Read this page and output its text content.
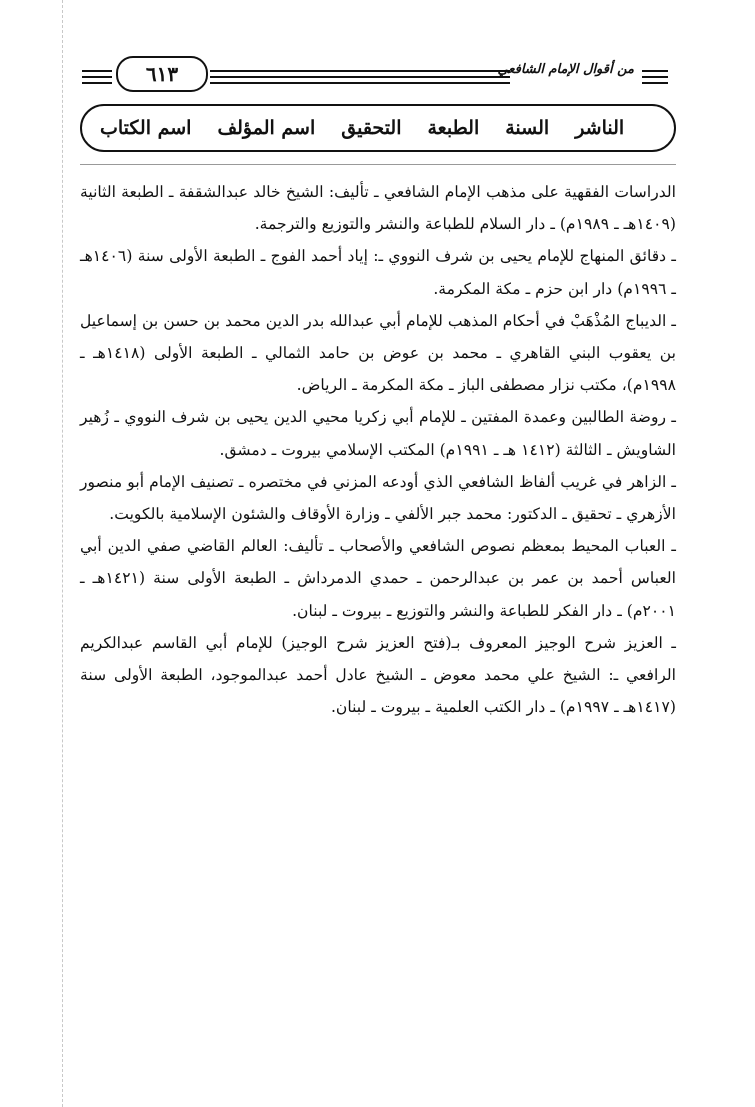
٦١٣	من أقوال الإمام الشافعي
اسم الكتاب اسم المؤلف التحقيق الطبعة السنة الناشر

الدراسات الفقهية على مذهب الإمام الشافعي ـ تأليف: الشيخ خالد عبدالشقفة ـ الطبعة الثانية (١٤٠٩هـ ـ ١٩٨٩م) ـ دار السلام للطباعة والنشر والتوزيع والترجمة.

ـ دقائق المنهاج للإمام يحيى بن شرف النووي ـ: إياد أحمد الفوج ـ الطبعة الأولى سنة (١٤٠٦هـ ـ ١٩٩٦م) دار ابن حزم ـ مكة المكرمة.

ـ الديباج المُذْهَبْ في أحكام المذهب للإمام أبي عبدالله بدر الدين محمد بن حسن بن إسماعيل بن يعقوب البني القاهري ـ محمد بن عوض بن حامد الثمالي ـ الطبعة الأولى (١٤١٨هـ ـ ١٩٩٨م)، مكتب نزار مصطفى الباز ـ مكة المكرمة ـ الرياض.

ـ روضة الطالبين وعمدة المفتين ـ للإمام أبي زكريا محيي الدين يحيى بن شرف النووي ـ زُهير الشاويش ـ الثالثة (١٤١٢ هـ ـ ١٩٩١م) المكتب الإسلامي بيروت ـ دمشق.

ـ الزاهر في غريب ألفاظ الشافعي الذي أودعه المزني في مختصره ـ تصنيف الإمام أبو منصور الأزهري ـ تحقيق ـ الدكتور: محمد جبر الألفي ـ وزارة الأوقاف والشئون الإسلامية بالكويت.

ـ العباب المحيط بمعظم نصوص الشافعي والأصحاب ـ تأليف: العالم القاضي صفي الدين أبي العباس أحمد بن عمر بن عبدالرحمن ـ حمدي الدمرداش ـ الطبعة الأولى سنة (١٤٢١هـ ـ ٢٠٠١م) ـ دار الفكر للطباعة والنشر والتوزيع ـ بيروت ـ لبنان.

ـ العزيز شرح الوجيز المعروف بـ(فتح العزيز شرح الوجيز) للإمام أبي القاسم عبدالكريم الرافعي ـ: الشيخ علي محمد معوض ـ الشيخ عادل أحمد عبدالموجود، الطبعة الأولى سنة (١٤١٧هـ ـ ١٩٩٧م) ـ دار الكتب العلمية ـ بيروت ـ لبنان.
